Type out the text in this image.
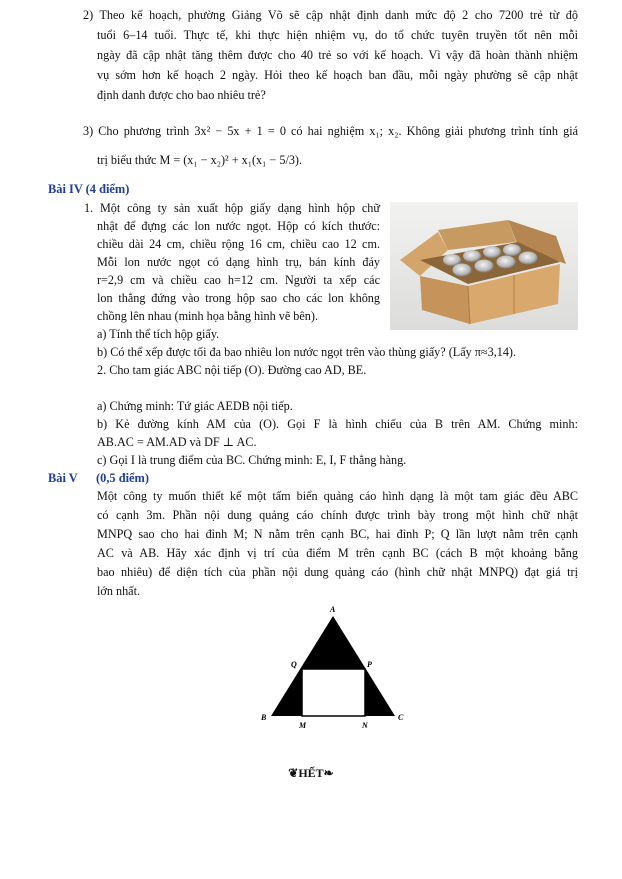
2) Theo kế hoạch, phường Giảng Võ sẽ cập nhật định danh mức độ 2 cho 7200 trẻ từ độ
tuổi 6–14 tuổi. Thực tế, khi thực hiện nhiệm vụ, do tổ chức tuyên truyền tốt nên mỗi
ngày đã cập nhật tăng thêm được cho 40 trẻ so với kế hoạch. Vì vậy đã hoàn thành nhiệm
vụ sớm hơn kế hoạch 2 ngày. Hỏi theo kế hoạch ban đầu, mỗi ngày phường sẽ cập nhật
định danh được cho bao nhiêu trẻ?
3) Cho phương trình 3x² − 5x + 1 = 0 có hai nghiệm x₁; x₂. Không giải phương trình tính giá
trị biểu thức M = (x₁ − x₂)² + x₁(x₁ − 5/3).
Bài IV (4 điểm)
1. Một công ty sản xuất hộp giấy dạng hình hộp chữ
nhật để đựng các lon nước ngọt. Hộp có kích thước:
chiều dài 24 cm, chiều rộng 16 cm, chiều cao 12 cm.
Mỗi lon nước ngọt có dạng hình trụ, bán kính đáy
r=2,9 cm và chiều cao h=12 cm. Người ta xếp các
lon thẳng đứng vào trong hộp sao cho các lon không
chồng lên nhau (minh họa bằng hình vẽ bên).
a) Tính thể tích hộp giấy.
b) Có thể xếp được tối đa bao nhiêu lon nước ngọt trên vào thùng giấy? (Lấy π≈3,14).
2. Cho tam giác ABC nội tiếp (O). Đường cao AD, BE.
a) Chứng minh: Tứ giác AEDB nội tiếp.
b) Kẻ đường kính AM của (O). Gọi F là hình chiếu của B trên AM. Chứng minh:
AB.AC = AM.AD và DF ⊥ AC.
c) Gọi I là trung điểm của BC. Chứng minh: E, I, F thẳng hàng.
Bài V (0,5 điểm)
Một công ty muốn thiết kế một tấm biển quảng cáo hình dạng là một tam giác đều ABC
có cạnh 3m. Phần nội dung quảng cáo chính được trình bày trong một hình chữ nhật
MNPQ sao cho hai đỉnh M; N nằm trên cạnh BC, hai đỉnh P; Q lần lượt nằm trên cạnh
AC và AB. Hãy xác định vị trí của điểm M trên cạnh BC (cách B một khoảng bằng
bao nhiêu) để diện tích của phần nội dung quảng cáo (hình chữ nhật MNPQ) đạt giá trị
lớn nhất.
A
B	C
M	N
P
Q
❦HẾT❧
